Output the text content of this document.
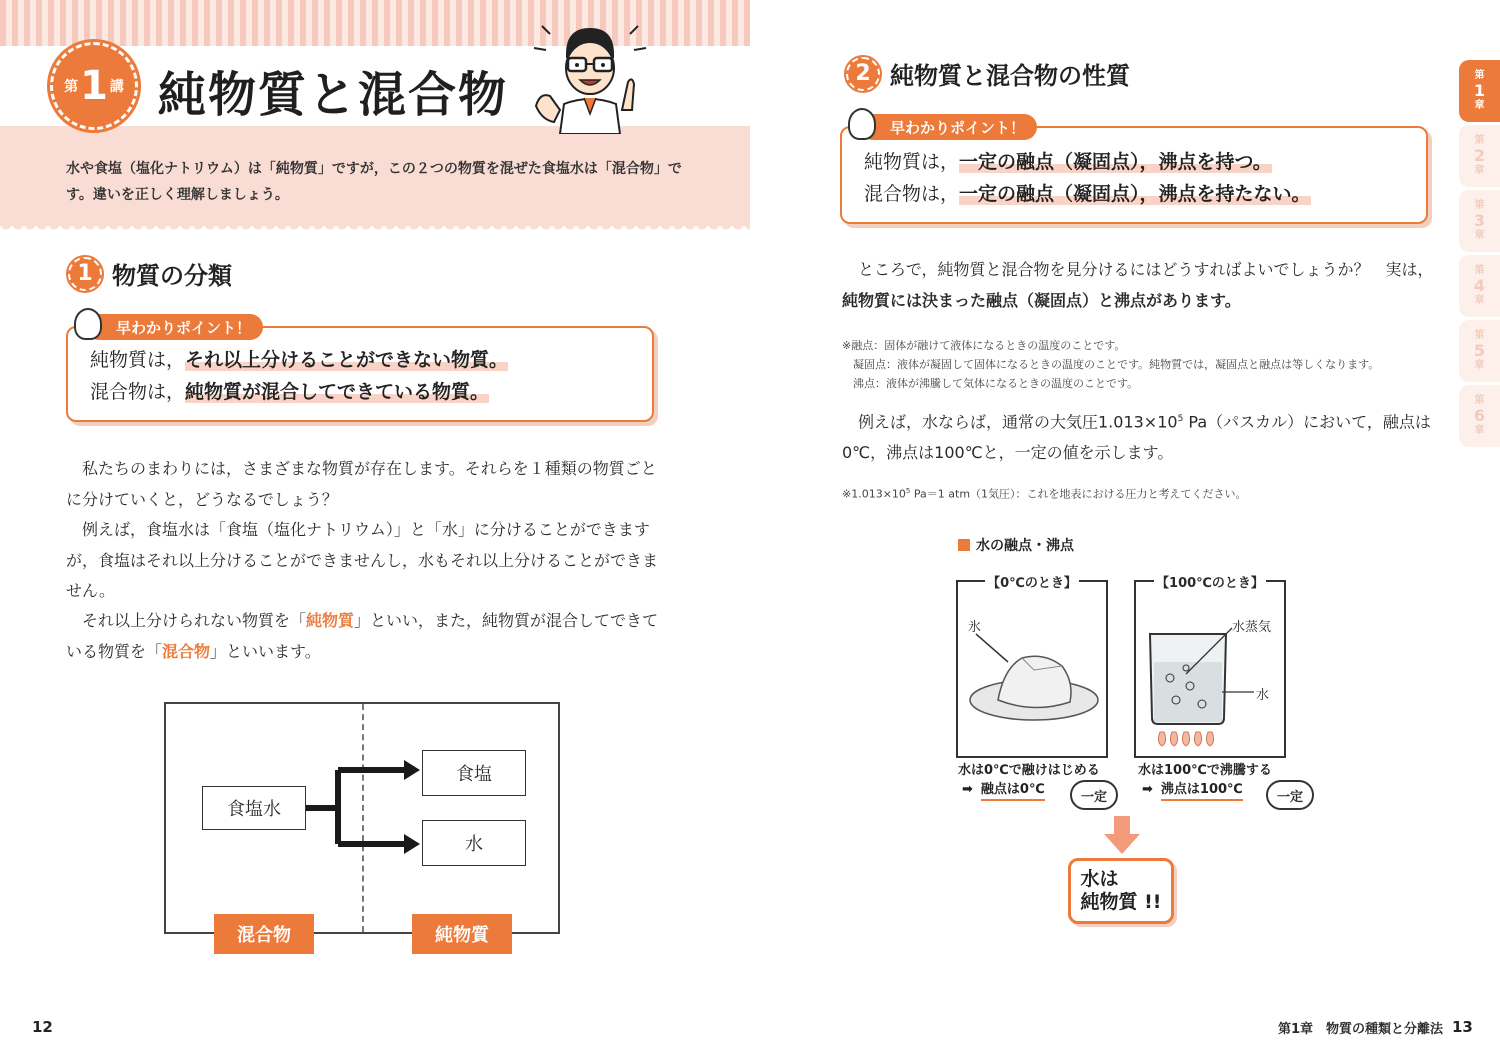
第 1 講 純物質と混合物
水や食塩（塩化ナトリウム）は「純物質」ですが，この２つの物質を混ぜた食塩水は「混合物」です。違いを正しく理解しましょう。
1 物質の分類
早わかりポイント！
純物質は，それ以上分けることができない物質。
混合物は，純物質が混合してできている物質。
私たちのまわりには，さまざまな物質が存在します。それらを１種類の物質ごとに分けていくと，どうなるでしょう？
例えば，食塩水は「食塩（塩化ナトリウム）」と「水」に分けることができますが，食塩はそれ以上分けることができませんし，水もそれ以上分けることができません。
それ以上分けられない物質を「純物質」といい，また，純物質が混合してできている物質を「混合物」といいます。
食塩水
食塩
水
混合物	純物質
12
2 純物質と混合物の性質
早わかりポイント！
純物質は，一定の融点（凝固点），沸点を持つ。
混合物は，一定の融点（凝固点），沸点を持たない。
ところで，純物質と混合物を見分けるにはどうすればよいでしょうか？　実は，純物質には決まった融点（凝固点）と沸点があります。
※融点：固体が融けて液体になるときの温度のことです。
凝固点：液体が凝固して固体になるときの温度のことです。純物質では，凝固点と融点は等しくなります。
沸点：液体が沸騰して気体になるときの温度のことです。
例えば，水ならば，通常の大気圧$1.013\times 10^5$ Pa（パスカル）において，融点は0℃，沸点は100℃と，一定の値を示します。
$※1.013\times 10^5$ Pa＝1 atm（1気圧）：これを地表における圧力と考えてください。
水の融点・沸点
【0℃のとき】
氷
【100℃のとき】
水蒸気
水
水は0℃で融けはじめる
➡ 融点は0℃	一定
水は100℃で沸騰する
➡ 沸点は100℃	一定
水は
純物質 !!
第
1
章
第
2
章
第
3
章
第
4
章
第
5
章
第
6
章
第1章　物質の種類と分離法 13
